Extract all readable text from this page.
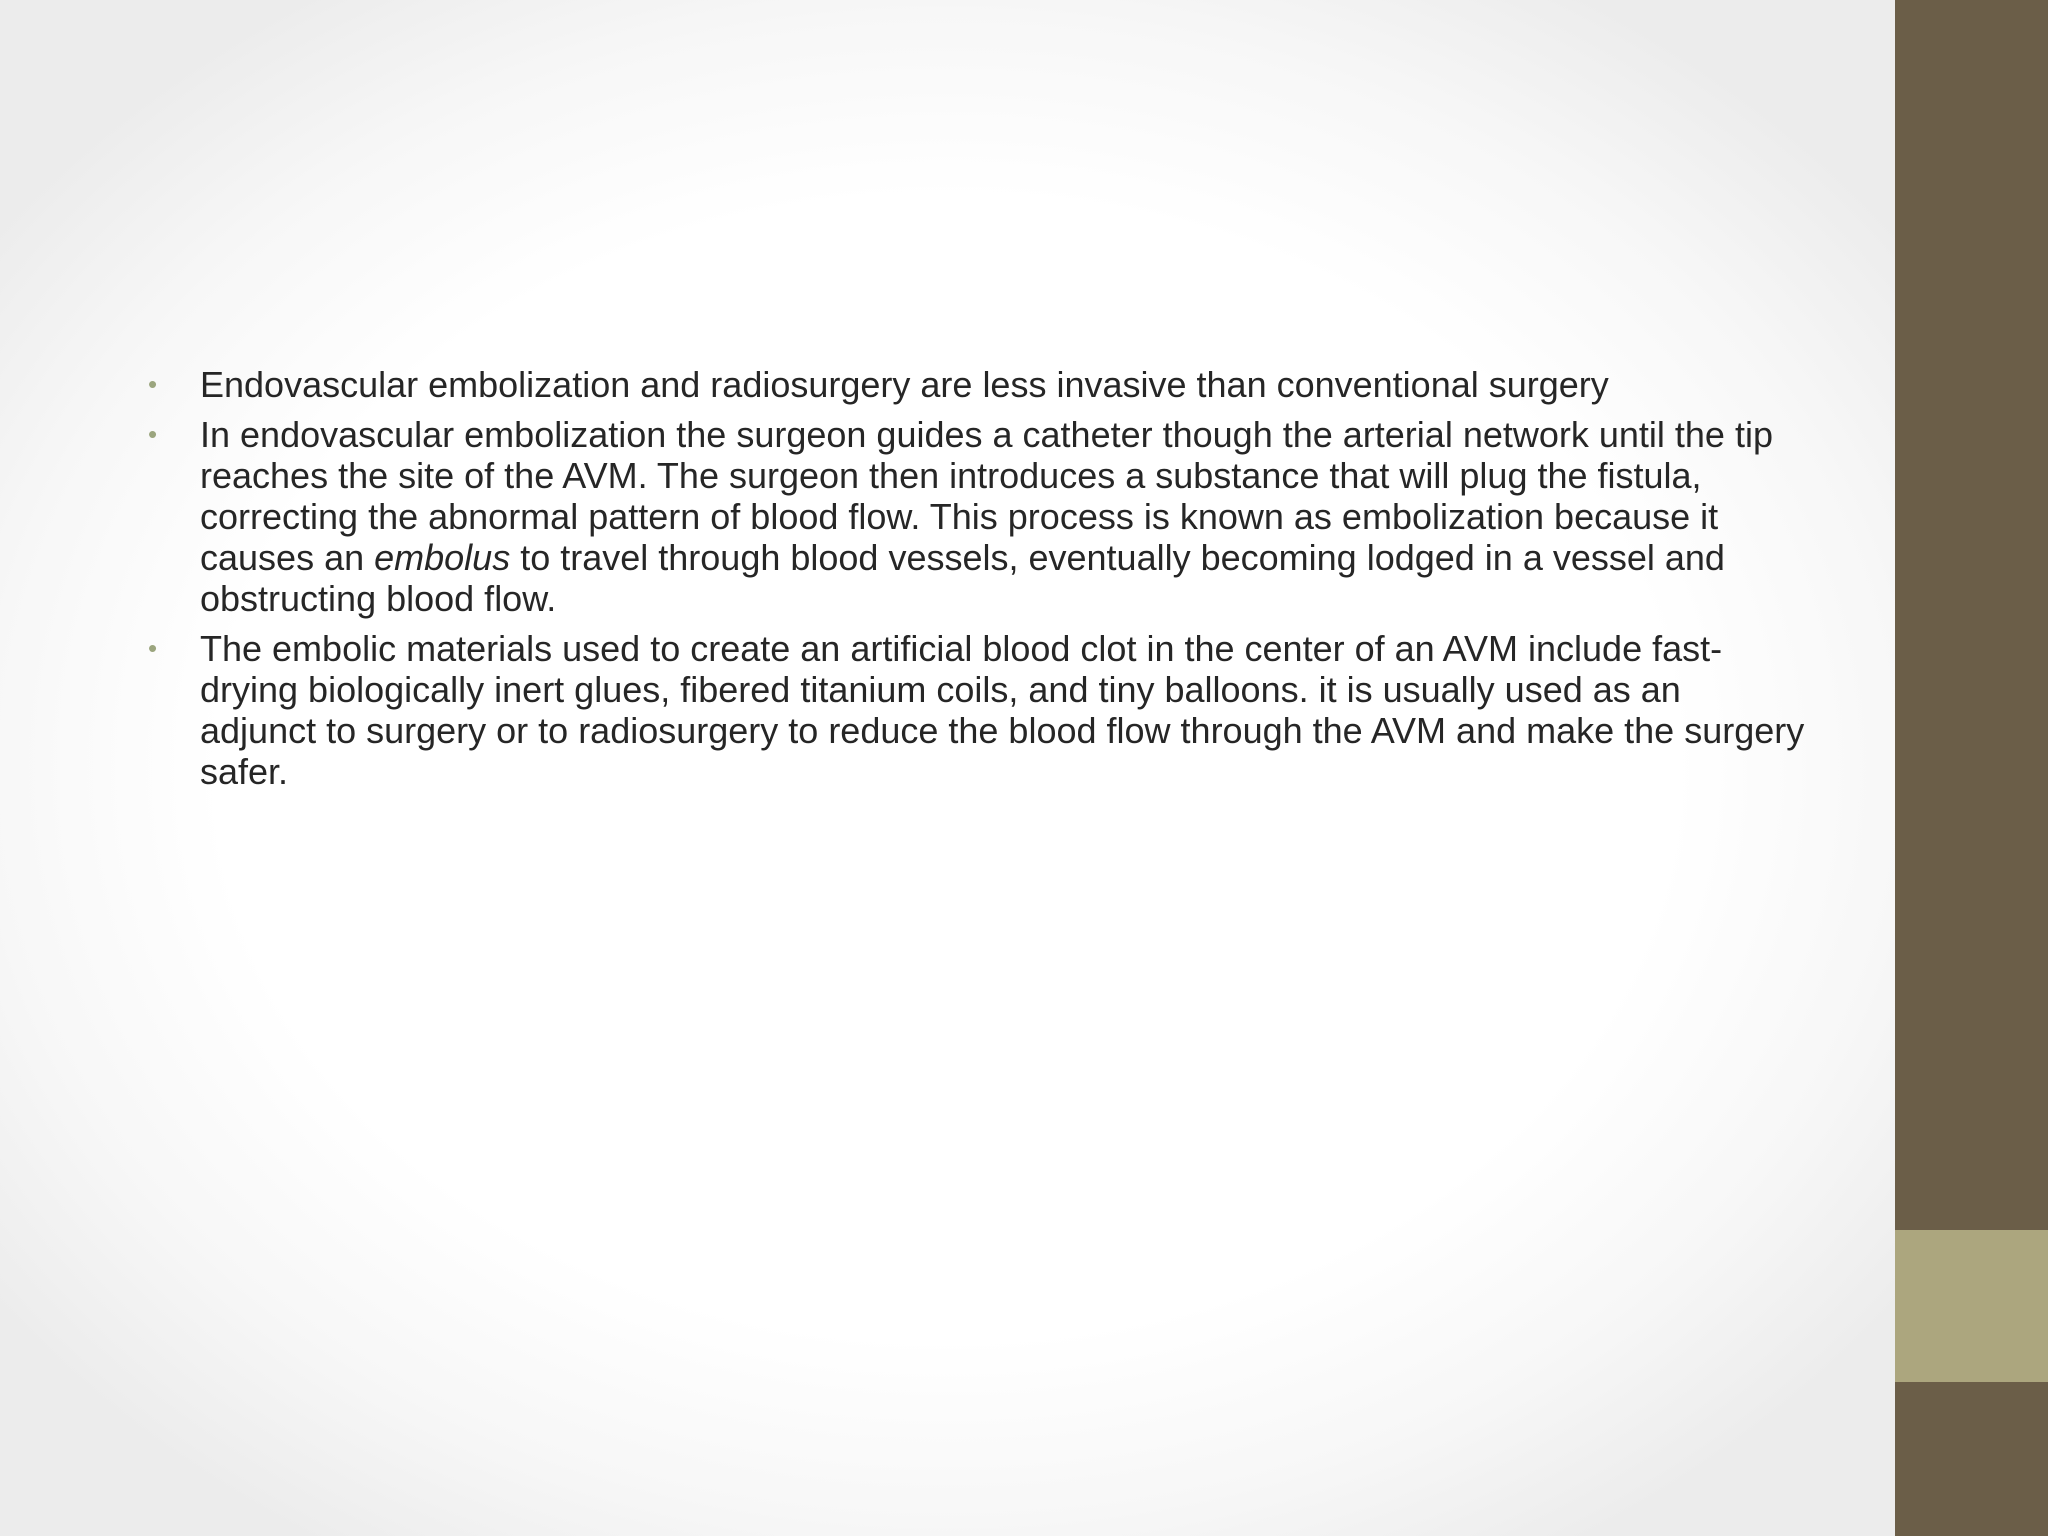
• Endovascular embolization and radiosurgery are less invasive than conventional surgery
• In endovascular embolization the surgeon guides a catheter though the arterial network until the tip reaches the site of the AVM. The surgeon then introduces a substance that will plug the fistula, correcting the abnormal pattern of blood flow. This process is known as embolization because it causes an embolus to travel through blood vessels, eventually becoming lodged in a vessel and obstructing blood flow.
• The embolic materials used to create an artificial blood clot in the center of an AVM include fast-drying biologically inert glues, fibered titanium coils, and tiny balloons. it is usually used as an adjunct to surgery or to radiosurgery to reduce the blood flow through the AVM and make the surgery safer.
